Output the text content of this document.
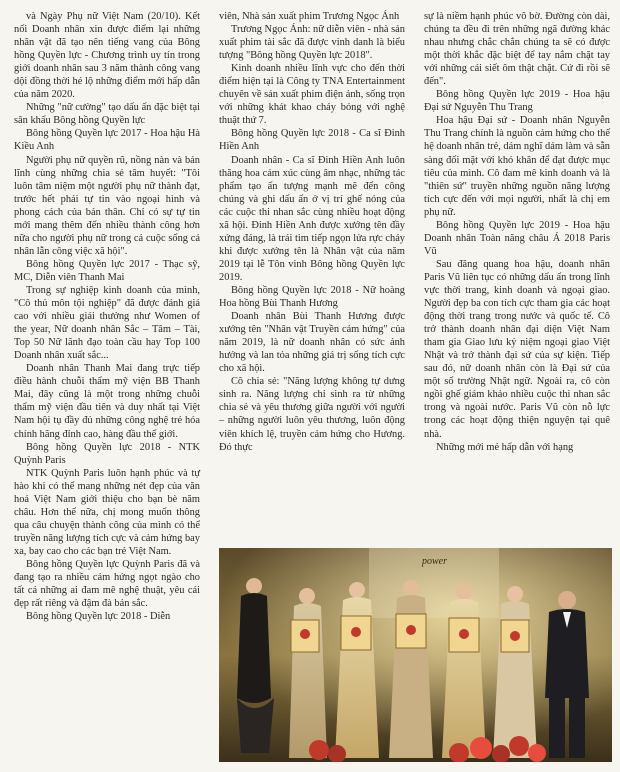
và Ngày Phụ nữ Việt Nam (20/10). Kết nối Doanh nhân xin được điểm lại những nhân vật đã tạo nên tiếng vang của Bông hồng Quyền lực - Chương trình uy tín trong giới doanh nhân sau 3 năm thành công vang dội đồng thời hé lộ những điểm mới hấp dẫn của năm 2020.

Những "nữ cường" tạo dấu ấn đặc biệt tại sân khấu Bông hồng Quyền lực

Bông hồng Quyền lực 2017 - Hoa hậu Hà Kiều Anh

Người phụ nữ quyền rũ, nồng nàn và bản lĩnh cùng những chia sẻ tâm huyết: "Tôi luôn tâm niệm một người phụ nữ thành đạt, trước hết phải tự tin vào ngoại hình và phong cách của bản thân. Chỉ có sự tự tin mới mang thêm đến nhiều thành công hơn nữa cho người phụ nữ trong cả cuộc sống cả nhân lẫn công việc xã hội".

Bông hồng Quyền lực 2017 - Thạc sỹ, MC, Diễn viên Thanh Mai

Trong sự nghiệp kinh doanh của mình, "Cô thủ môn tội nghiệp" đã được đánh giá cao với nhiều giải thưởng như Women of the year, Nữ doanh nhân Sắc – Tâm – Tài, Top 50 Nữ lãnh đạo toàn cầu hay Top 100 Doanh nhân xuất sắc...

Doanh nhân Thanh Mai đang trực tiếp điều hành chuỗi thẩm mỹ viện BB Thanh Mai, đây cũng là một trong những chuỗi thẩm mỹ viện đầu tiên và duy nhất tại Việt Nam hội tụ đầy đủ những công nghệ trẻ hóa chính hãng đỉnh cao, hàng đầu thế giới.

Bông hồng Quyền lực 2018 - NTK Quỳnh Paris

NTK Quỳnh Paris luôn hạnh phúc và tự hào khi có thể mang những nét đẹp của văn hoá Việt Nam giới thiệu cho bạn bè năm châu. Hơn thế nữa, chị mong muốn thông qua câu chuyện thành công của mình có thể truyền năng lượng tích cực và cảm hứng bay xa, bay cao cho các bạn trẻ Việt Nam.

Bông hồng Quyền lực Quỳnh Paris đã và đang tạo ra nhiều cảm hứng ngọt ngào cho tất cả những ai đam mê nghệ thuật, yêu cái đẹp rất riêng và đậm đà bản sắc.

Bông hồng Quyền lực 2018 - Diễn

viên, Nhà sản xuất phim Trương Ngọc Ánh

Trương Ngọc Ánh: nữ diễn viên - nhà sản xuất phim tài sắc đã được vinh danh là biểu tượng "Bông hồng Quyền lực 2018".

Kinh doanh nhiều lĩnh vực cho đến thời điểm hiện tại là Công ty TNA Entertainment chuyên về sản xuất phim điện ảnh, sống trọn với những khát khao cháy bỏng với nghệ thuật thứ 7.

Bông hồng Quyền lực 2018 - Ca sĩ Đinh Hiền Anh

Doanh nhân - Ca sĩ Đinh Hiền Anh luôn thăng hoa cảm xúc cùng âm nhạc, những tác phẩm tạo ấn tượng mạnh mẽ đến công chúng và ghi dấu ấn ở vị trí ghế nóng của các cuộc thi nhan sắc cùng nhiều hoạt động xã hội. Đinh Hiền Anh được xướng tên đầy xứng đáng, là trái tim tiếp ngọn lửa rực cháy khi được xướng tên là Nhân vật của năm 2019 tại lễ Tôn vinh Bông hồng Quyền lực 2019.

Bông hồng Quyền lực 2018 - Nữ hoàng Hoa hồng Bùi Thanh Hương

Doanh nhân Bùi Thanh Hương được xướng tên "Nhân vật Truyền cảm hứng" của năm 2019, là nữ doanh nhân có sức ảnh hưởng và lan tỏa những giá trị sống tích cực cho xã hội.

Cô chia sẻ: "Năng lượng không tự dưng sinh ra. Năng lượng chỉ sinh ra từ những chia sẻ và yêu thương giữa người với người – những người luôn yêu thương, luôn động viên khích lệ, truyền cảm hứng cho Hương. Đó thực

sự là niềm hạnh phúc vô bờ. Đường còn dài, chúng ta đều đi trên những ngã đường khác nhau nhưng chắc chắn chúng ta sẽ có được một thời khắc đặc biệt để tay nắm chặt tay với những cái siết ôm thật chặt. Cứ đi rồi sẽ đến".

Bông hồng Quyền lực 2019 - Hoa hậu Đại sứ Nguyễn Thu Trang

Hoa hậu Đại sứ - Doanh nhân Nguyễn Thu Trang chính là nguồn cảm hứng cho thế hệ doanh nhân trẻ, dám nghĩ dám làm và sẵn sàng đối mặt với khó khăn để đạt được mục tiêu của mình. Cô đam mê kinh doanh và là "thiên sứ" truyền những nguồn năng lượng tích cực đến với mọi người, nhất là chị em phụ nữ.

Bông hồng Quyền lực 2019 - Hoa hậu Doanh nhân Toàn năng châu Á 2018 Paris Vũ

Sau đăng quang hoa hậu, doanh nhân Paris Vũ liên tục có những dấu ấn trong lĩnh vực thời trang, kinh doanh và ngoại giao. Người đẹp ba con tích cực tham gia các hoạt động thời trang trong nước và quốc tế. Cô trở thành doanh nhân đại diện Việt Nam tham gia Giao lưu kỷ niệm ngoại giao Việt Nhật và trở thành đại sứ của sự kiện. Tiếp sau đó, nữ doanh nhân còn là Đại sứ của một số trường Nhật ngữ. Ngoài ra, cô còn ngồi ghế giám khảo nhiều cuộc thi nhan sắc trong và ngoài nước. Paris Vũ còn nỗ lực trong các hoạt động thiện nguyện tại quê nhà.

Những mới mẻ hấp dẫn với hạng

power
